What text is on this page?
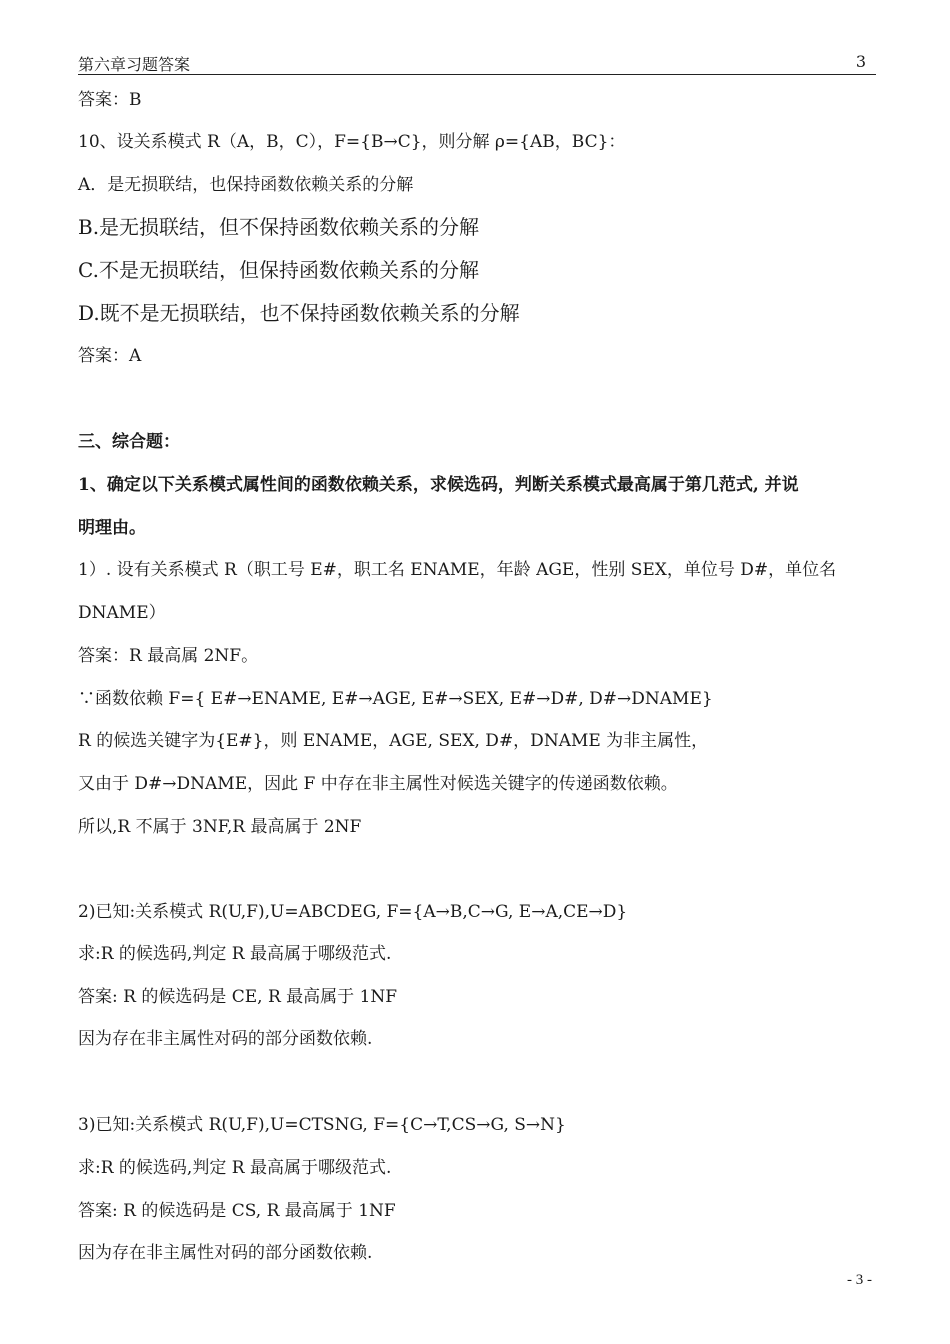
第六章习题答案	3
答案：B
10、设关系模式 R（A，B，C），F={B→C}，则分解 ρ={AB，BC}：
A．是无损联结，也保持函数依赖关系的分解
B.是无损联结，但不保持函数依赖关系的分解
C.不是无损联结，但保持函数依赖关系的分解
D.既不是无损联结，也不保持函数依赖关系的分解
答案：A
三、综合题：
1、确定以下关系模式属性间的函数依赖关系，求候选码，判断关系模式最高属于第几范式, 并说
明理由。
1）. 设有关系模式 R（职工号 E#，职工名 ENAME，年龄 AGE，性别 SEX，单位号 D#，单位名
DNAME）
答案：R 最高属 2NF。
∵函数依赖 F={ E#→ENAME, E#→AGE, E#→SEX, E#→D#, D#→DNAME}
R 的候选关键字为{E#}，则 ENAME，AGE, SEX, D#，DNAME 为非主属性，
又由于 D#→DNAME，因此 F 中存在非主属性对候选关键字的传递函数依赖。
所以,R 不属于 3NF,R 最高属于 2NF
2)已知:关系模式 R(U,F),U=ABCDEG, F={A→B,C→G, E→A,CE→D}
求:R 的候选码,判定 R 最高属于哪级范式.
答案: R 的候选码是 CE, R 最高属于 1NF
因为存在非主属性对码的部分函数依赖.
3)已知:关系模式 R(U,F),U=CTSNG, F={C→T,CS→G, S→N}
求:R 的候选码,判定 R 最高属于哪级范式.
答案: R 的候选码是 CS, R 最高属于 1NF
因为存在非主属性对码的部分函数依赖.
- 3 -
